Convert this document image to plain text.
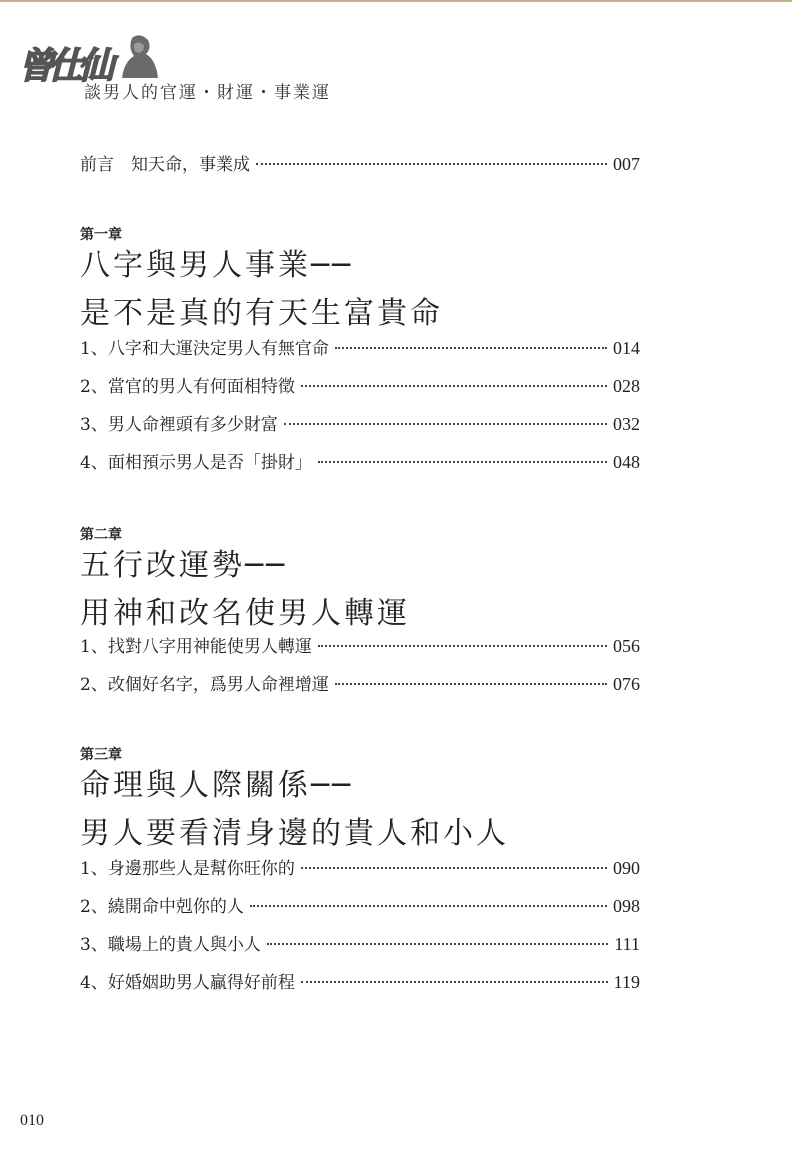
曾仕仙
談男人的官運・財運・事業運
前言　知天命，事業成	007
第一章
八字與男人事業──
是不是真的有天生富貴命
1、八字和大運決定男人有無官命	014
2、當官的男人有何面相特徵	028
3、男人命裡頭有多少財富	032
4、面相預示男人是否「掛財」	048
第二章
五行改運勢──
用神和改名使男人轉運
1、找對八字用神能使男人轉運	056
2、改個好名字，爲男人命裡增運	076
第三章
命理與人際關係──
男人要看清身邊的貴人和小人
1、身邊那些人是幫你旺你的	090
2、繞開命中剋你的人	098
3、職場上的貴人與小人	111
4、好婚姻助男人贏得好前程	119
010
